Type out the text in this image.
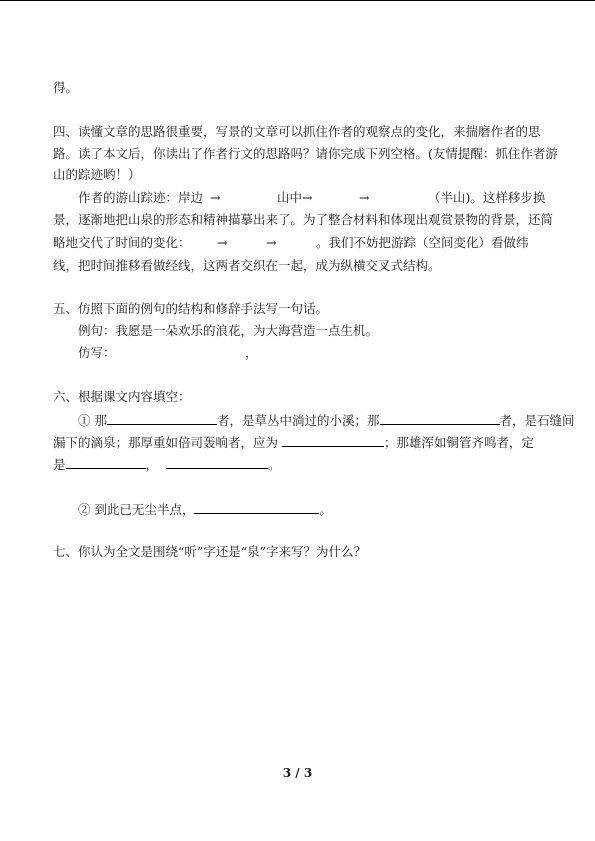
得。
四、读懂文章的思路很重要，写景的文章可以抓住作者的观察点的变化，来揣磨作者的思
路。读了本文后，你读出了作者行文的思路吗？请你完成下列空格。(友情提醒：抓住作者游
山的踪迹哟！）
作者的游山踪迹：岸边 →	山中 →	→	（半山)。这样移步换
景，逐渐地把山泉的形态和精神描摹出来了。为了整合材料和体现出观赏景物的背景，还简
略地交代了时间的变化： →	→	。我们不妨把游踪（空间变化）看做纬
线，把时间推移看做经线，这两者交织在一起，成为纵横交叉式结构。
五、仿照下面的例句的结构和修辞手法写一句话。
例句：我愿是一朵欢乐的浪花，为大海营造一点生机。
仿写：	，
六、根据课文内容填空：
① 那	者，是草丛中淌过的小溪；那	者，是石缝间
漏下的滴泉；那厚重如倍司轰响者，应为	；那雄浑如铜管齐鸣者，定
是	，	。
② 到此已无尘半点，	。
七、你认为全文是围绕“听”字还是“泉”字来写？为什么？
3 / 3
